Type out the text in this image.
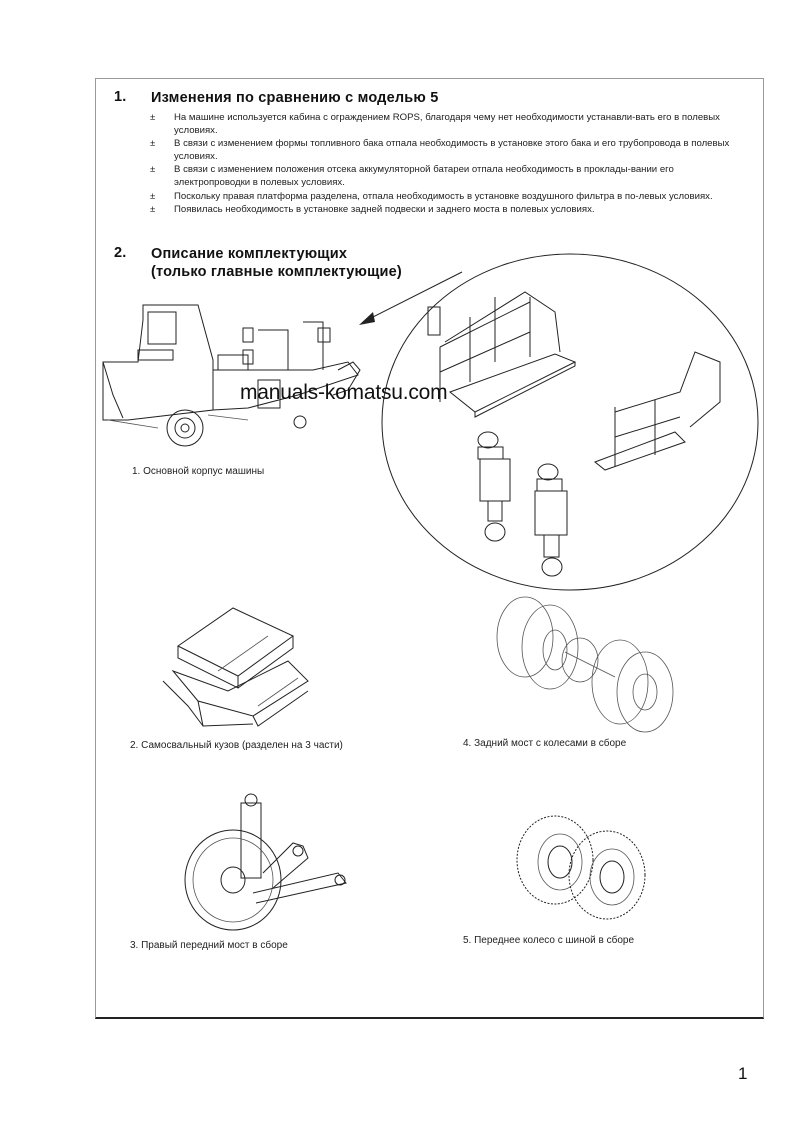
1. Изменения по сравнению с моделью 5
± На машине используется кабина с ограждением ROPS, благодаря чему нет необходимости устанавли-вать его в полевых условиях.
± В связи с изменением формы топливного бака отпала необходимость в установке этого бака и его трубопровода в полевых условиях.
± В связи с изменением положения отсека аккумуляторной батареи отпала необходимость в проклады-вании его электропроводки в полевых условиях.
± Поскольку правая платформа разделена, отпала необходимость в установке воздушного фильтра в по-левых условиях.
± Появилась необходимость в установке задней подвески и заднего моста в полевых условиях.
2. Описание комплектующих
(только главные комплектующие)
1. Основной корпус машины
manuals-komatsu.com
2. Самосвальный кузов (разделен на 3 части)	4. Задний мост с колесами в сборе
3. Правый передний мост в сборе	5. Переднее колесо с шиной в сборе
1
